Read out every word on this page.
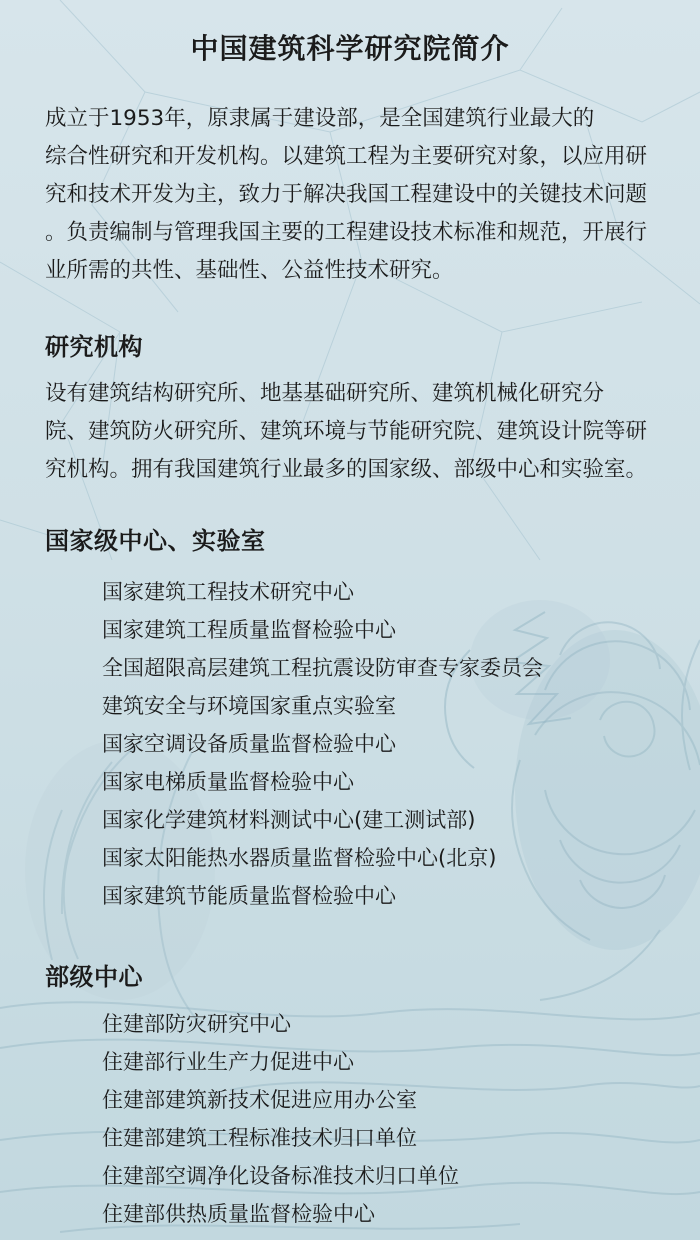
中国建筑科学研究院简介
成立于1953年，原隶属于建设部，是全国建筑行业最大的
综合性研究和开发机构。以建筑工程为主要研究对象，以应用研
究和技术开发为主，致力于解决我国工程建设中的关键技术问题
。负责编制与管理我国主要的工程建设技术标准和规范，开展行
业所需的共性、基础性、公益性技术研究。
研究机构
设有建筑结构研究所、地基基础研究所、建筑机械化研究分
院、建筑防火研究所、建筑环境与节能研究院、建筑设计院等研
究机构。拥有我国建筑行业最多的国家级、部级中心和实验室。
国家级中心、实验室
国家建筑工程技术研究中心
国家建筑工程质量监督检验中心
全国超限高层建筑工程抗震设防审查专家委员会
建筑安全与环境国家重点实验室
国家空调设备质量监督检验中心
国家电梯质量监督检验中心
国家化学建筑材料测试中心(建工测试部)
国家太阳能热水器质量监督检验中心(北京)
国家建筑节能质量监督检验中心
部级中心
住建部防灾研究中心
住建部行业生产力促进中心
住建部建筑新技术促进应用办公室
住建部建筑工程标准技术归口单位
住建部空调净化设备标准技术归口单位
住建部供热质量监督检验中心
